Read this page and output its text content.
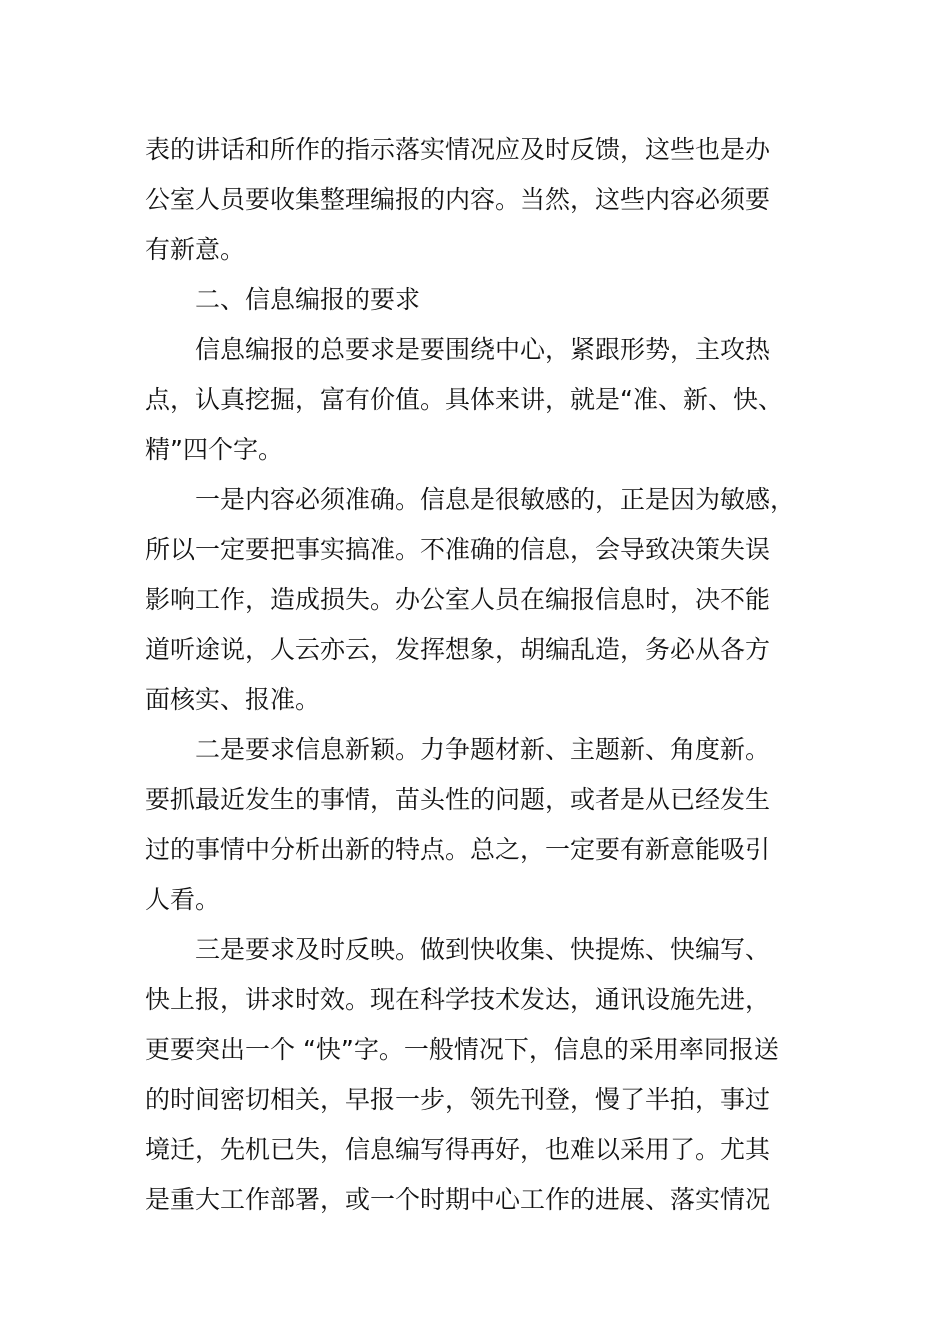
表的讲话和所作的指示落实情况应及时反馈，这些也是办
公室人员要收集整理编报的内容。当然，这些内容必须要
有新意。
二、信息编报的要求
信息编报的总要求是要围绕中心，紧跟形势，主攻热
点，认真挖掘，富有价值。具体来讲，就是“准、新、快、
精”四个字。
一是内容必须准确。信息是很敏感的，正是因为敏感，
所以一定要把事实搞准。不准确的信息，会导致决策失误
影响工作，造成损失。办公室人员在编报信息时，决不能
道听途说，人云亦云，发挥想象，胡编乱造，务必从各方
面核实、报准。
二是要求信息新颖。力争题材新、主题新、角度新。
要抓最近发生的事情，苗头性的问题，或者是从已经发生
过的事情中分析出新的特点。总之，一定要有新意能吸引
人看。
三是要求及时反映。做到快收集、快提炼、快编写、
快上报，讲求时效。现在科学技术发达，通讯设施先进，
更要突出一个 “快”字。一般情况下，信息的采用率同报送
的时间密切相关，早报一步，领先刊登，慢了半拍，事过
境迁，先机已失，信息编写得再好，也难以采用了。尤其
是重大工作部署，或一个时期中心工作的进展、落实情况
